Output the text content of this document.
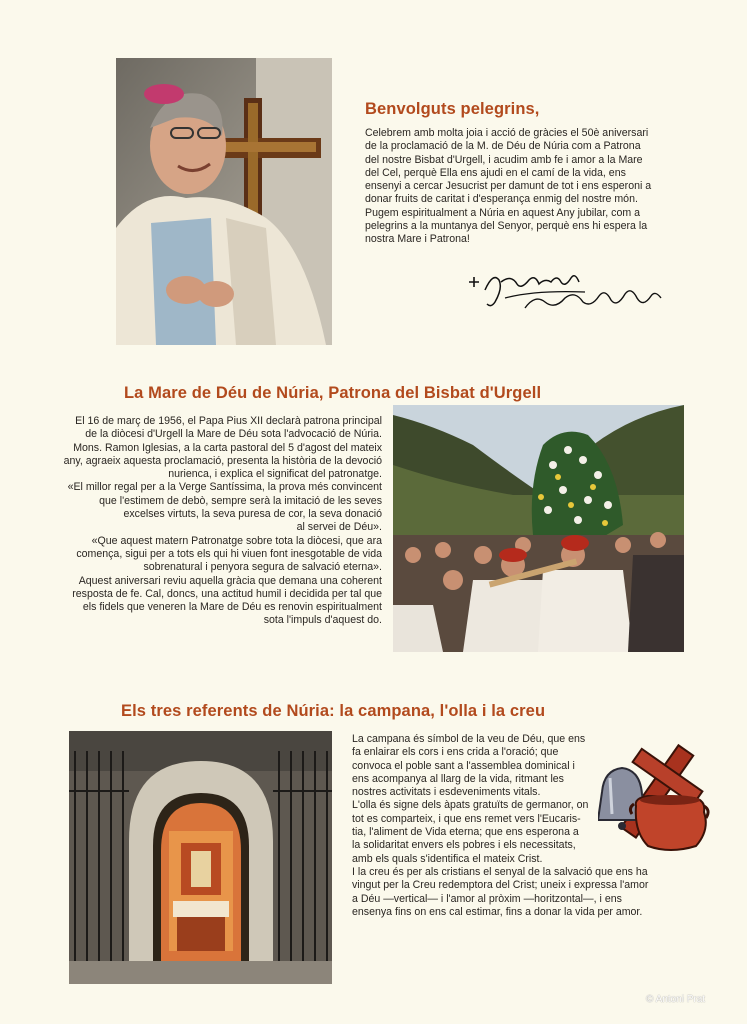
Benvolguts pelegrins,

Celebrem amb molta joia i acció de gràcies el 50è aniversari

de la proclamació de la M. de Déu de Núria com a Patrona

del nostre Bisbat d'Urgell, i acudim amb fe i amor a la Mare

del Cel, perquè Ella ens ajudi en el camí de la vida, ens

ensenyi a cercar Jesucrist per damunt de tot i ens esperoni a

donar fruits de caritat i d'esperança enmig del nostre món.

Pugem espiritualment a Núria en aquest Any jubilar, com a

pelegrins a la muntanya del Senyor, perquè ens hi espera la

nostra Mare i Patrona!

La Mare de Déu de Núria, Patrona del Bisbat d'Urgell

El 16 de març de 1956, el Papa Pius XII declarà patrona principal

de la diòcesi d'Urgell la Mare de Déu sota l'advocació de Núria.

Mons. Ramon Iglesias, a la carta pastoral del 5 d'agost del mateix

any, agraeix aquesta proclamació, presenta la història de la devoció

nurienca, i explica el significat del patronatge.

«El millor regal per a la Verge Santíssima, la prova més convincent

que l'estimem de debò, sempre serà la imitació de les seves

excelses virtuts, la seva puresa de cor, la seva donació

al servei de Déu».

«Que aquest matern Patronatge sobre tota la diòcesi, que ara

comença, sigui per a tots els qui hi viuen font inesgotable de vida

sobrenatural i penyora segura de salvació eterna».

Aquest aniversari reviu aquella gràcia que demana una coherent

resposta de fe. Cal, doncs, una actitud humil i decidida per tal que

els fidels que veneren la Mare de Déu es renovin espiritualment

sota l'impuls d'aquest do.

Els tres referents de Núria: la campana, l'olla i la creu

La campana és símbol de la veu de Déu, que ens

fa enlairar els cors i ens crida a l'oració; que

convoca el poble sant a l'assemblea dominical i

ens acompanya al llarg de la vida, ritmant les

nostres activitats i esdeveniments vitals.

L'olla és signe dels àpats gratuïts de germanor, on

tot es comparteix, i que ens remet vers l'Eucaris-

tia, l'aliment de Vida eterna; que ens esperona a

la solidaritat envers els pobres i els necessitats,

amb els quals s'identifica el mateix Crist.

I la creu és per als cristians el senyal de la salvació que ens ha

vingut per la Creu redemptora del Crist; uneix i expressa l'amor

a Déu —vertical— i l'amor al pròxim —horitzontal—, i ens

ensenya fins on ens cal estimar, fins a donar la vida per amor.

© Antoni Prat
